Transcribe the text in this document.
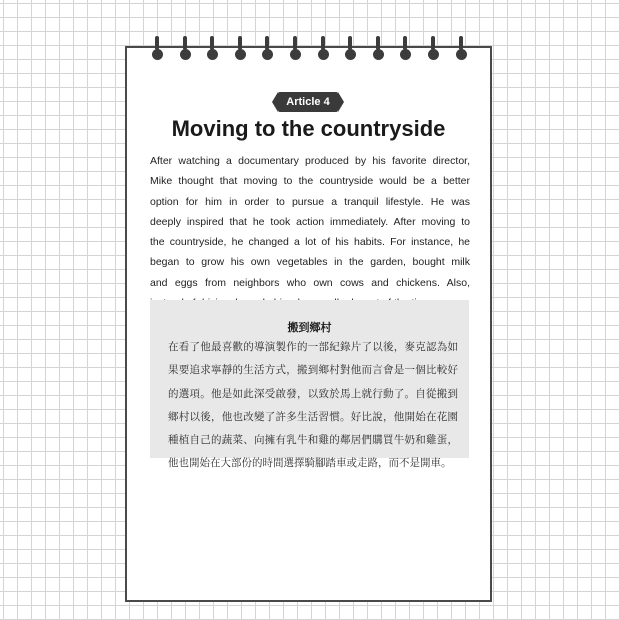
Article 4
Moving to the countryside
After watching a documentary produced by his favorite director,
Mike thought that moving to the countryside would be a better
option for him in order to pursue a tranquil lifestyle. He was
deeply inspired that he took action immediately. After moving to
the countryside, he changed a lot of his habits. For instance, he
began to grow his own vegetables in the garden, bought milk
and eggs from neighbors who own cows and chickens. Also,
搬到鄉村
在看了他最喜歡的導演製作的一部紀錄片了以後，麥克認為如
果要追求寧靜的生活方式，搬到鄉村對他而言會是一個比較好
的選項。他是如此深受啟發，以致於馬上就行動了。自從搬到
鄉村以後，他也改變了許多生活習慣。好比說，他開始在花園
種植自己的蔬菜、向擁有乳牛和雞的鄰居們購買牛奶和雞蛋，
他也開始在大部份的時間選擇騎腳踏車或走路，而不是開車。
